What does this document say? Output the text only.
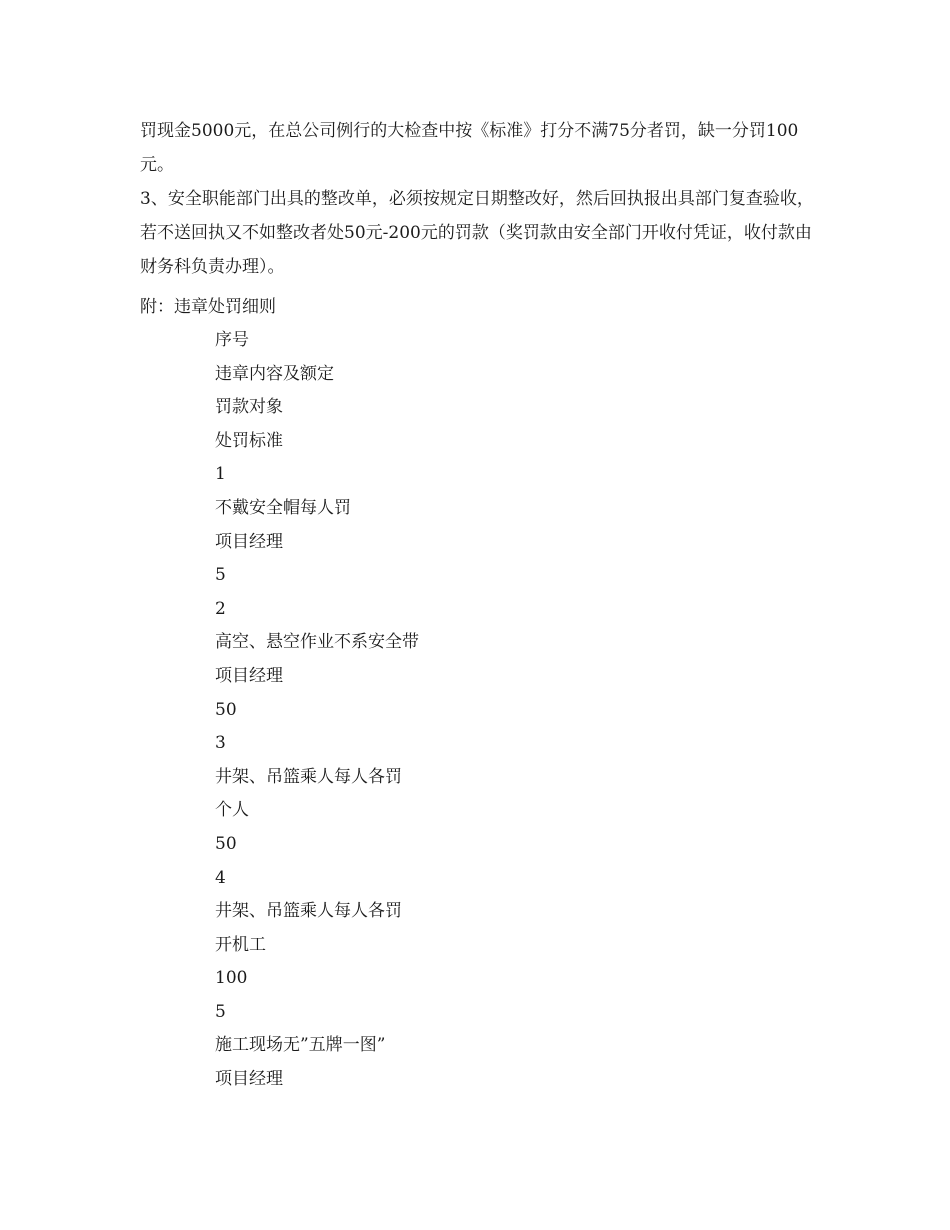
罚现金5000元，在总公司例行的大检查中按《标准》打分不满75分者罚，缺一分罚100元。

3、安全职能部门出具的整改单，必须按规定日期整改好，然后回执报出具部门复查验收，若不送回执又不如整改者处50元-200元的罚款（奖罚款由安全部门开收付凭证，收付款由财务科负责办理）。

附：违章处罚细则

序号
违章内容及额定
罚款对象
处罚标准
1
不戴安全帽每人罚
项目经理
5
2
高空、悬空作业不系安全带
项目经理
50
3
井架、吊篮乘人每人各罚
个人
50
4
井架、吊篮乘人每人各罚
开机工
100
5
施工现场无”五牌一图”
项目经理
